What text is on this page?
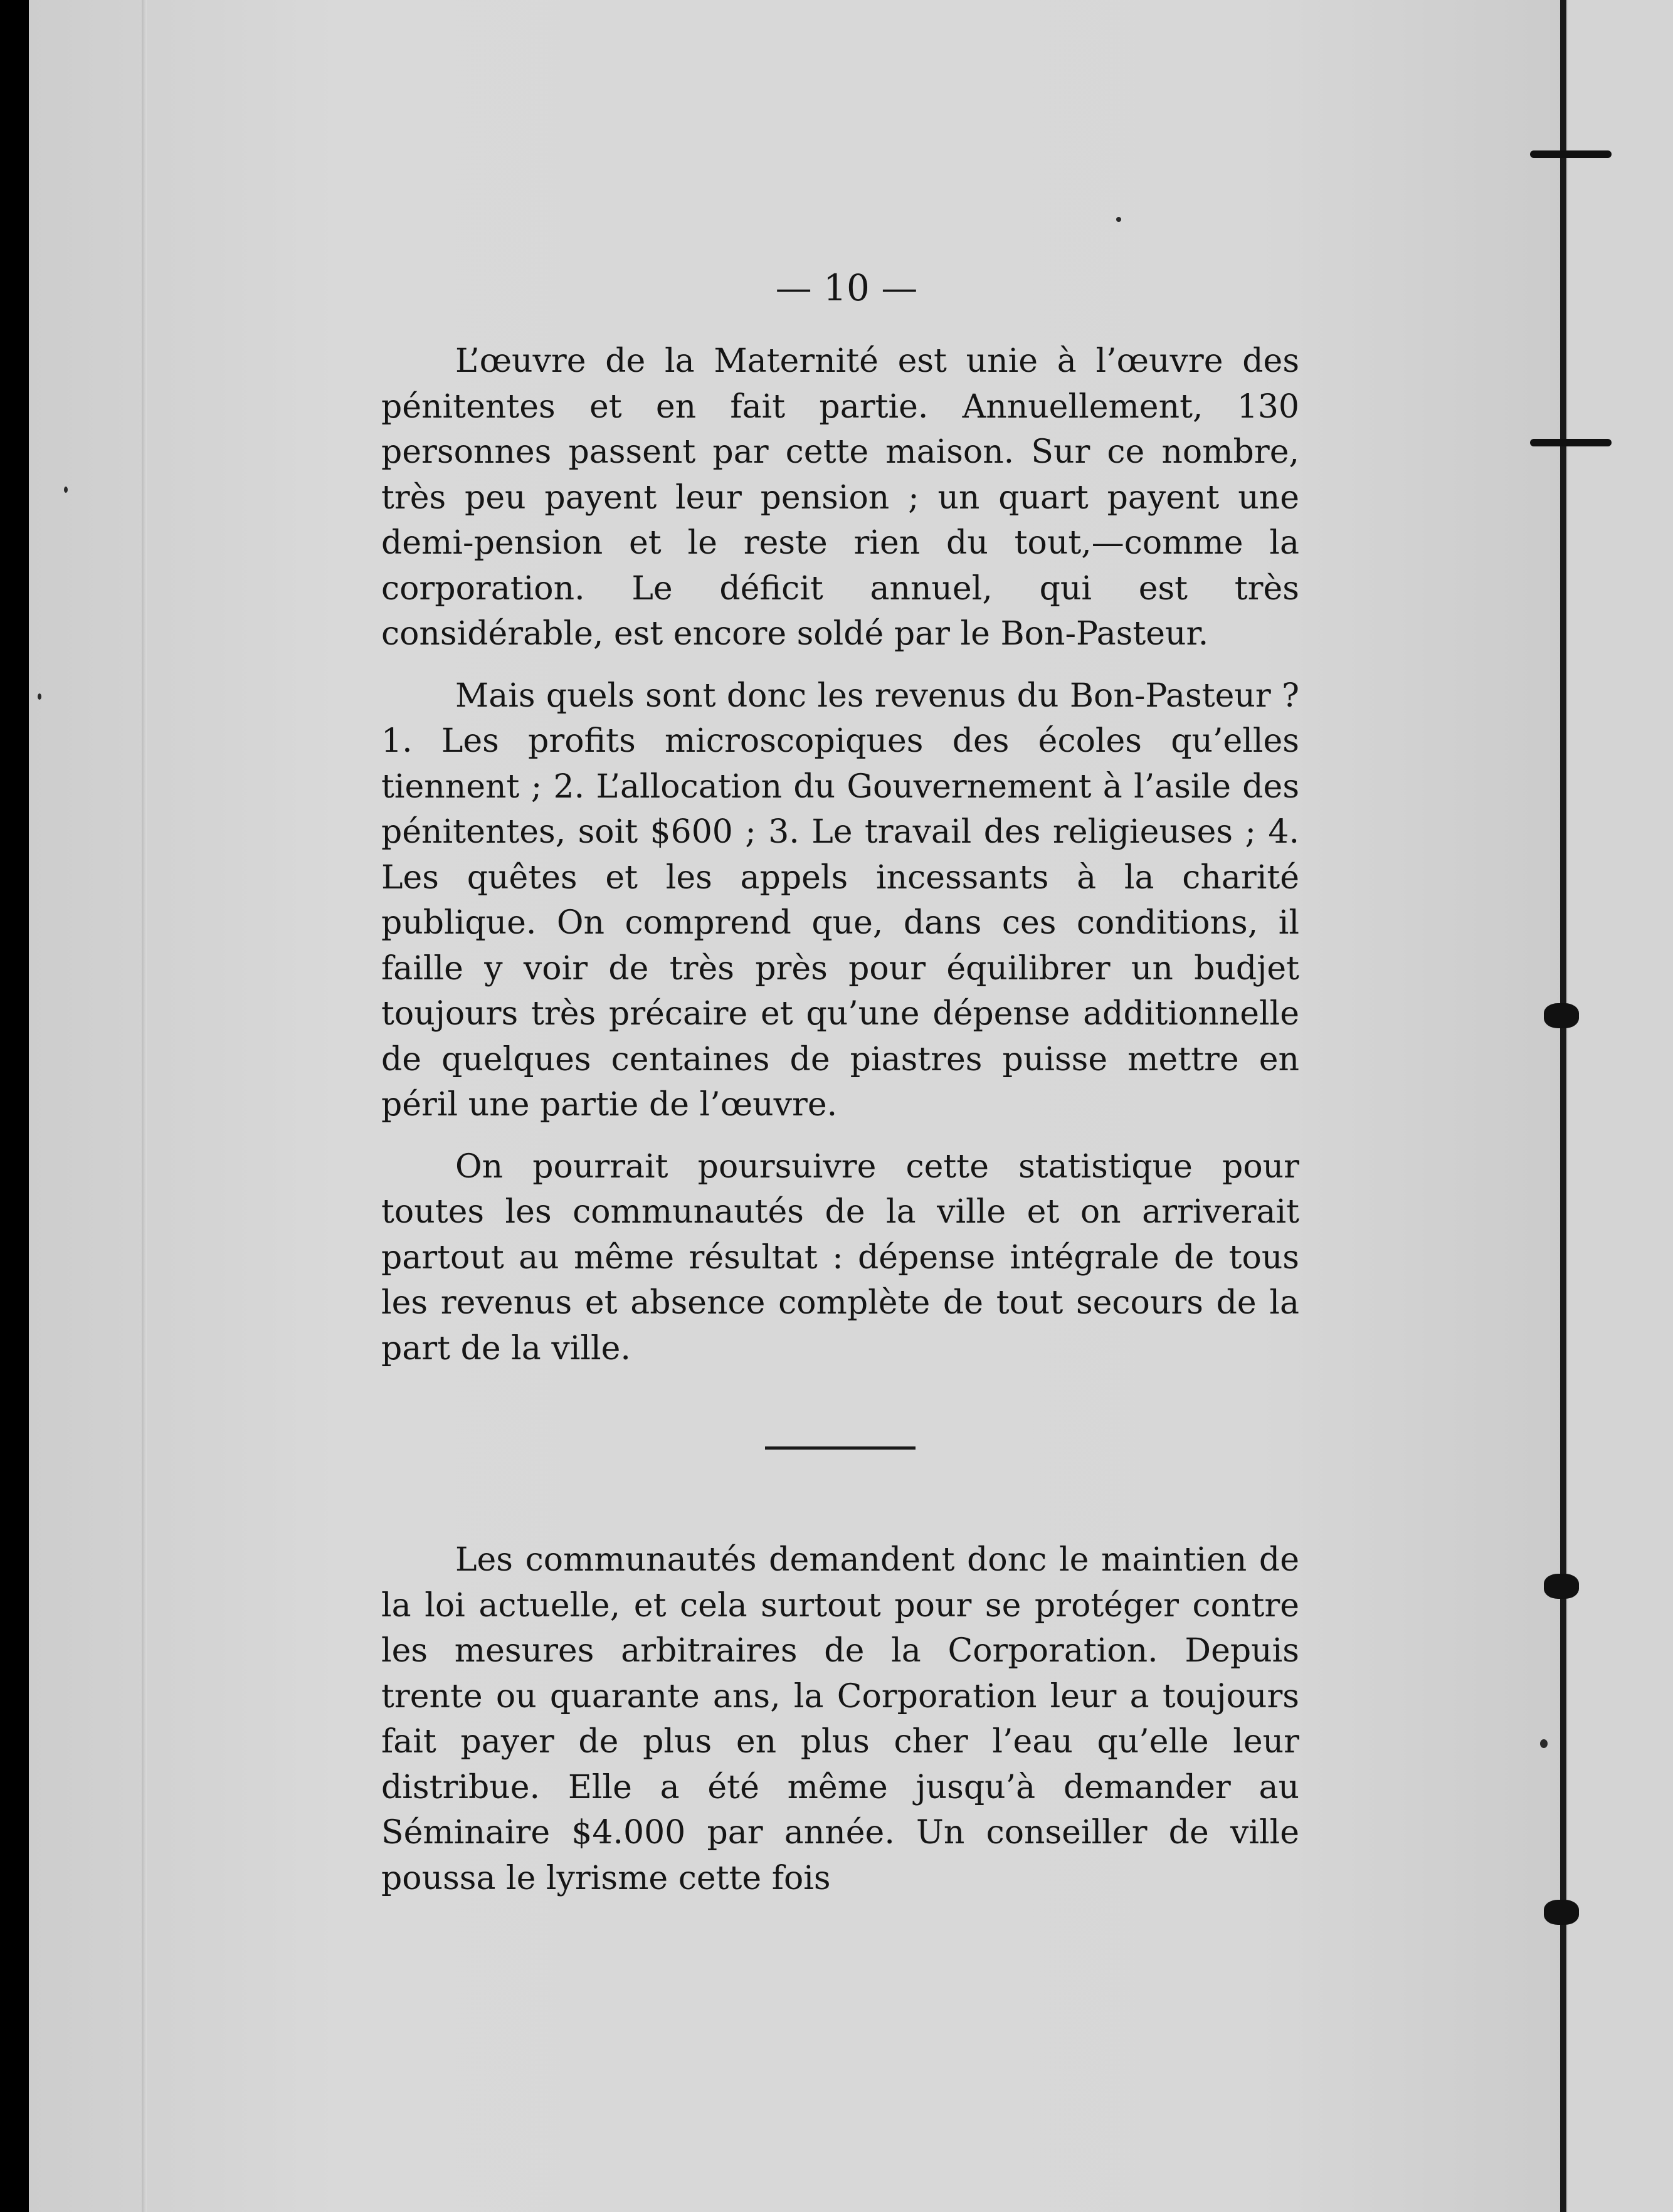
— 10 —

L’œuvre de la Maternité est unie à l’œuvre des pénitentes et en fait partie. Annuellement, 130 personnes passent par cette maison. Sur ce nombre, très peu payent leur pension ; un quart payent une demi-pension et le reste rien du tout,—comme la corporation. Le déficit annuel, qui est très considérable, est encore soldé par le Bon-Pasteur.

Mais quels sont donc les revenus du Bon-Pasteur ? 1. Les profits microscopiques des écoles qu’elles tiennent ; 2. L’allocation du Gouvernement à l’asile des pénitentes, soit $600 ; 3. Le travail des religieuses ; 4. Les quêtes et les appels incessants à la charité publique. On comprend que, dans ces conditions, il faille y voir de très près pour équilibrer un budjet toujours très précaire et qu’une dépense additionnelle de quelques centaines de piastres puisse mettre en péril une partie de l’œuvre.

On pourrait poursuivre cette statistique pour toutes les communautés de la ville et on arriverait partout au même résultat : dépense intégrale de tous les revenus et absence complète de tout secours de la part de la ville.

Les communautés demandent donc le maintien de la loi actuelle, et cela surtout pour se protéger contre les mesures arbitraires de la Corporation. Depuis trente ou quarante ans, la Corporation leur a toujours fait payer de plus en plus cher l’eau qu’elle leur distribue. Elle a été même jusqu’à demander au Séminaire $4.000 par année. Un conseiller de ville poussa le lyrisme cette fois
